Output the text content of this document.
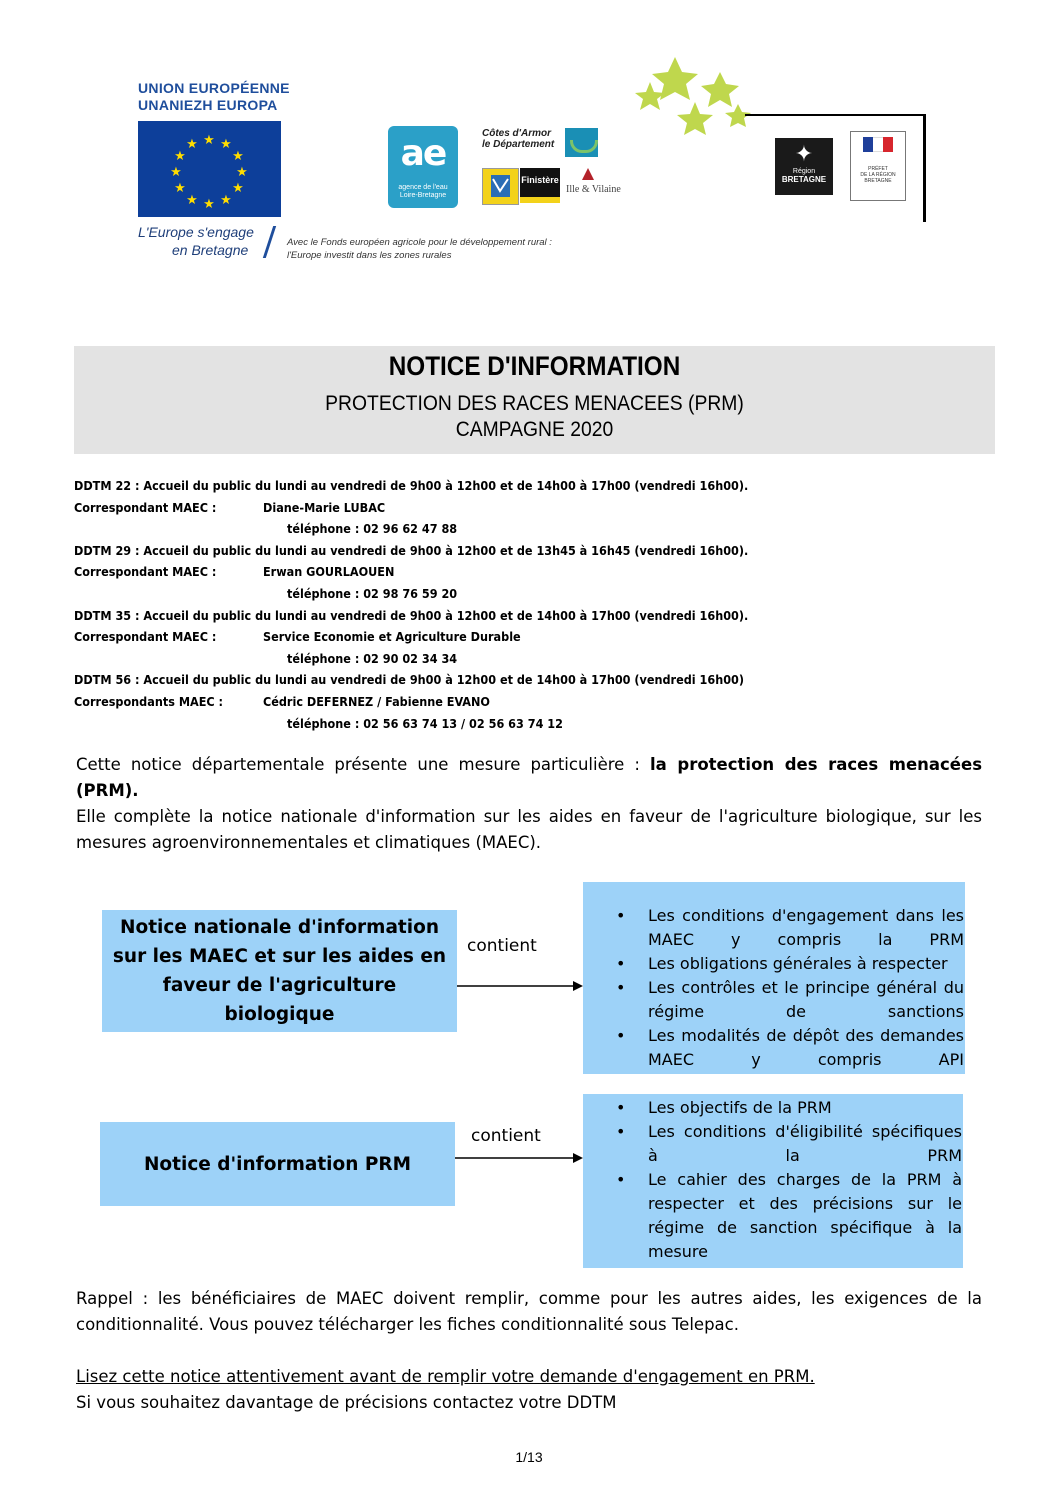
UNION EUROPÉENNE
UNANIEZH EUROPA
★ ★
★
★
★
★
★
★
★
★
★
★
L'Europe s'engage
en Bretagne	Avec le Fonds européen agricole pour le développement rural :
l'Europe investit dans les zones rurales
ae
agence de l'eau
Loire-Bretagne
Côtes d'Armor
le Département
Finistère
Ille & Vilaine
✦
Région
BRETAGNE
PRÉFET
DE LA RÉGION
BRETAGNE
NOTICE D'INFORMATION
PROTECTION DES RACES MENACEES (PRM)
CAMPAGNE 2020
DDTM 22 : Accueil du public du lundi au vendredi de 9h00 à 12h00 et de 14h00 à 17h00 (vendredi 16h00).
Correspondant MAEC :	Diane-Marie LUBAC
téléphone : 02 96 62 47 88
DDTM 29 : Accueil du public du lundi au vendredi de 9h00 à 12h00 et de 13h45 à 16h45 (vendredi 16h00).
Correspondant MAEC :	Erwan GOURLAOUEN
téléphone : 02 98 76 59 20
DDTM 35 : Accueil du public du lundi au vendredi de 9h00 à 12h00 et de 14h00 à 17h00 (vendredi 16h00).
Correspondant MAEC :	Service Economie et Agriculture Durable
téléphone : 02 90 02 34 34
DDTM 56 : Accueil du public du lundi au vendredi de 9h00 à 12h00 et de 14h00 à 17h00 (vendredi 16h00)
Correspondants MAEC :	Cédric DEFERNEZ / Fabienne EVANO
téléphone : 02 56 63 74 13 / 02 56 63 74 12

Cette notice départementale présente une mesure particulière : la protection des races menacées (PRM).

Elle complète la notice nationale d'information sur les aides en faveur de l'agriculture biologique, sur les mesures agroenvironnementales et climatiques (MAEC).

Notice nationale d'information sur les MAEC et sur les aides en faveur de l'agriculture biologique
contient
• Les conditions d'engagement dans les MAEC y compris la PRM
• Les obligations générales à respecter
• Les contrôles et le principe général du régime de sanctions
• Les modalités de dépôt des demandes MAEC y compris API
Notice d'information PRM
contient
• Les objectifs de la PRM
• Les conditions d'éligibilité spécifiques à la PRM
• Le cahier des charges de la PRM à respecter et des précisions sur le régime de sanction spécifique à la mesure
Rappel : les bénéficiaires de MAEC doivent remplir, comme pour les autres aides, les exigences de la conditionnalité. Vous pouvez télécharger les fiches conditionnalité sous Telepac.
Lisez cette notice attentivement avant de remplir votre demande d'engagement en PRM.
Si vous souhaitez davantage de précisions contactez votre DDTM
1/13
